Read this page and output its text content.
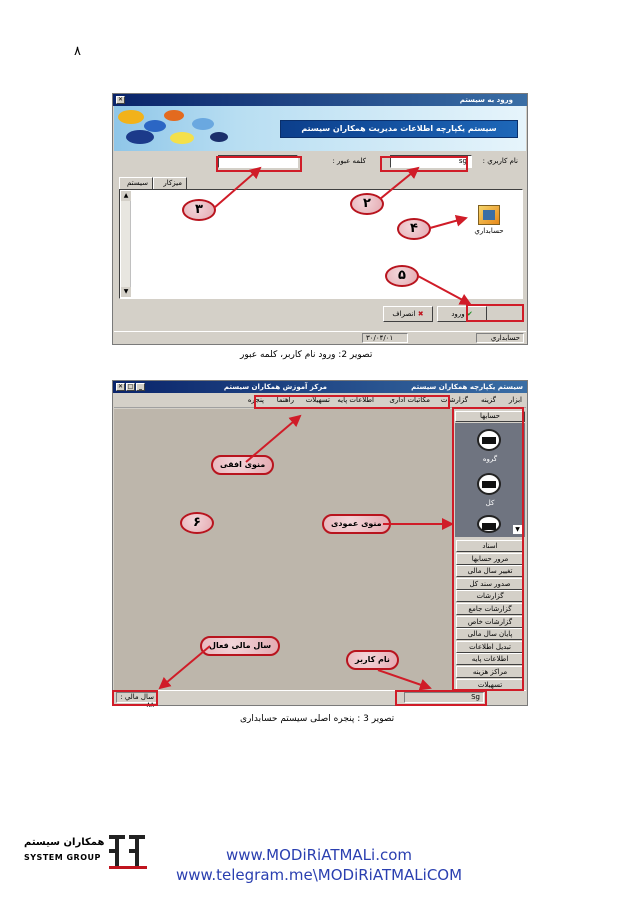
۸
ورود به سیستم
✕
سیستم یکپارچه اطلاعات مدیریت همکاران سیستم
نام کاربري :
sg
کلمه عبور :
سیستم	میزکار
▲
▼
حسابداري
✔ ورود
✖ انصراف
حسابداري
۳۰/۰۴/۰۱
۳	۲
۴
۵
تصویر 2: ورود نام کاربر، کلمه عبور
سیستم یکپارچه همکاران سیستم
مرکز آموزش همکاران سیستم
✕ □ _
ابزار
گزینه
گزارشات
مکاتبات اداری
اطلاعات پایه
تسهیلات
راهنما
پنجره
حسابها
گروه
کل
▼
اسناد
مرور حسابها
تغییر سال مالی
صدور سند کل
گزارشات
گزارشات جامع
گزارشات خاص
پایان سال مالی
تبدیل اطلاعات
اطلاعات پایه
مراکز هزینه
تسهیلات
سال مالي : ۸۸
Sg
منوی افقی
منوی عمودی
۶
سال مالی فعال
نام کاربر
تصویر 3 : پنجره اصلی سیستم حسابداری
همکاران سیستم
SYSTEM GROUP	www.MODiRiATMALi.com
www.telegram.me\MODiRiATMALiCOM
